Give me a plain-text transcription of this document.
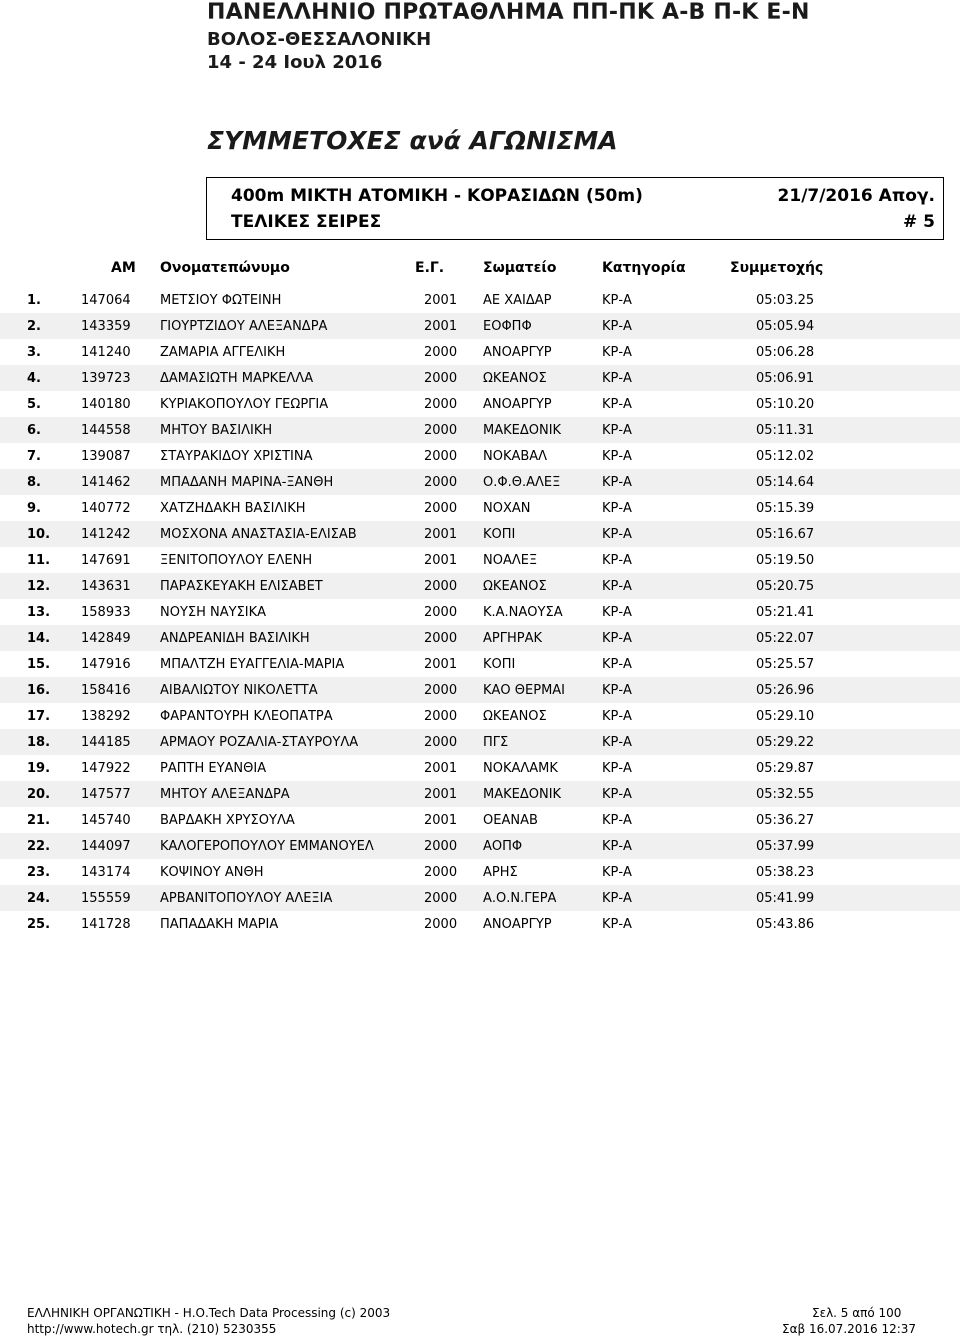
ΠΑΝΕΛΛΗΝΙΟ ΠΡΩΤΑΘΛΗΜΑ ΠΠ-ΠΚ Α-Β Π-Κ Ε-Ν
ΒΟΛΟΣ-ΘΕΣΣΑΛΟΝΙΚΗ
14 - 24 Ιουλ 2016
ΣΥΜΜΕΤΟΧΕΣ ανά ΑΓΩΝΙΣΜΑ
400m ΜΙΚΤΗ ΑΤΟΜΙΚΗ - ΚΟΡΑΣΙΔΩΝ (50m)	21/7/2016 Απογ.
ΤΕΛΙΚΕΣ ΣΕΙΡΕΣ	# 5
AM Ονοματεπώνυμο	Ε.Γ.	Σωματείο	Κατηγορία	Συμμετοχής
1.	147064 ΜΕΤΣΙΟΥ ΦΩΤΕΙΝΗ	2001 ΑΕ ΧΑΙΔΑΡ	ΚΡ-Α	05:03.25
2.	143359 ΓΙΟΥΡΤΖΙΔΟΥ ΑΛΕΞΑΝΔΡΑ	2001 ΕΟΦΠΦ	ΚΡ-Α	05:05.94
3.	141240 ΖΑΜΑΡΙΑ ΑΓΓΕΛΙΚΗ	2000 ΑΝΟΑΡΓΥΡ	ΚΡ-Α	05:06.28
4.	139723 ΔΑΜΑΣΙΩΤΗ ΜΑΡΚΕΛΛΑ	2000 ΩΚΕΑΝΟΣ	ΚΡ-Α	05:06.91
5.	140180 ΚΥΡΙΑΚΟΠΟΥΛΟΥ ΓΕΩΡΓΙΑ	2000 ΑΝΟΑΡΓΥΡ	ΚΡ-Α	05:10.20
6.	144558 ΜΗΤΟΥ ΒΑΣΙΛΙΚΗ	2000 ΜΑΚΕΔΟΝΙΚ	ΚΡ-Α	05:11.31
7.	139087 ΣΤΑΥΡΑΚΙΔΟΥ ΧΡΙΣΤΙΝΑ	2000 ΝΟΚΑΒΑΛ	ΚΡ-Α	05:12.02
8.	141462 ΜΠΑΔΑΝΗ ΜΑΡΙΝΑ-ΞΑΝΘΗ	2000 Ο.Φ.Θ.ΑΛΕΞ	ΚΡ-Α	05:14.64
9.	140772 ΧΑΤΖΗΔΑΚΗ ΒΑΣΙΛΙΚΗ	2000 ΝΟΧΑΝ	ΚΡ-Α	05:15.39
10. 141242 ΜΟΣΧΟΝΑ ΑΝΑΣΤΑΣΙΑ-ΕΛΙΣΑΒ	2001 ΚΟΠΙ	ΚΡ-Α	05:16.67
11. 147691 ΞΕΝΙΤΟΠΟΥΛΟΥ ΕΛΕΝΗ	2001 ΝΟΑΛΕΞ	ΚΡ-Α	05:19.50
12. 143631 ΠΑΡΑΣΚΕΥΑΚΗ ΕΛΙΣΑΒΕΤ	2000 ΩΚΕΑΝΟΣ	ΚΡ-Α	05:20.75
13. 158933 ΝΟΥΣΗ ΝΑΥΣΙΚΑ	2000 Κ.Α.ΝΑΟΥΣΑ	ΚΡ-Α	05:21.41
14. 142849 ΑΝΔΡΕΑΝΙΔΗ ΒΑΣΙΛΙΚΗ	2000 ΑΡΓΗΡΑΚ	ΚΡ-Α	05:22.07
15. 147916 ΜΠΑΛΤΖΗ ΕΥΑΓΓΕΛΙΑ-ΜΑΡΙΑ	2001 ΚΟΠΙ	ΚΡ-Α	05:25.57
16. 158416 ΑΙΒΑΛΙΩΤΟΥ ΝΙΚΟΛΕΤΤΑ	2000 ΚΑΟ ΘΕΡΜΑΙ	ΚΡ-Α	05:26.96
17. 138292 ΦΑΡΑΝΤΟΥΡΗ ΚΛΕΟΠΑΤΡΑ	2000 ΩΚΕΑΝΟΣ	ΚΡ-Α	05:29.10
18. 144185 ΑΡΜΑΟΥ ΡΟΖΑΛΙΑ-ΣΤΑΥΡΟΥΛΑ	2000 ΠΓΣ	ΚΡ-Α	05:29.22
19. 147922 ΡΑΠΤΗ ΕΥΑΝΘΙΑ	2001 ΝΟΚΑΛΑΜΚ	ΚΡ-Α	05:29.87
20. 147577 ΜΗΤΟΥ ΑΛΕΞΑΝΔΡΑ	2001 ΜΑΚΕΔΟΝΙΚ	ΚΡ-Α	05:32.55
21. 145740 ΒΑΡΔΑΚΗ ΧΡΥΣΟΥΛΑ	2001 ΟΕΑΝΑΒ	ΚΡ-Α	05:36.27
22. 144097 ΚΑΛΟΓΕΡΟΠΟΥΛΟΥ ΕΜΜΑΝΟΥΕΛ	2000 ΑΟΠΦ	ΚΡ-Α	05:37.99
23. 143174 ΚΟΨΙΝΟΥ ΑΝΘΗ	2000 ΑΡΗΣ	ΚΡ-Α	05:38.23
24. 155559 ΑΡΒΑΝΙΤΟΠΟΥΛΟΥ ΑΛΕΞΙΑ	2000 Α.Ο.Ν.ΓΕΡΑ	ΚΡ-Α	05:41.99
25. 141728 ΠΑΠΑΔΑΚΗ ΜΑΡΙΑ	2000 ΑΝΟΑΡΓΥΡ	ΚΡ-Α	05:43.86
ΕΛΛΗΝΙΚΗ ΟΡΓΑΝΩΤΙΚΗ - Η.Ο.Tech Data Processing (c) 2003
http://www.hotech.gr τηλ. (210) 5230355
Σελ. 5 από 100
Σαβ 16.07.2016 12:37
